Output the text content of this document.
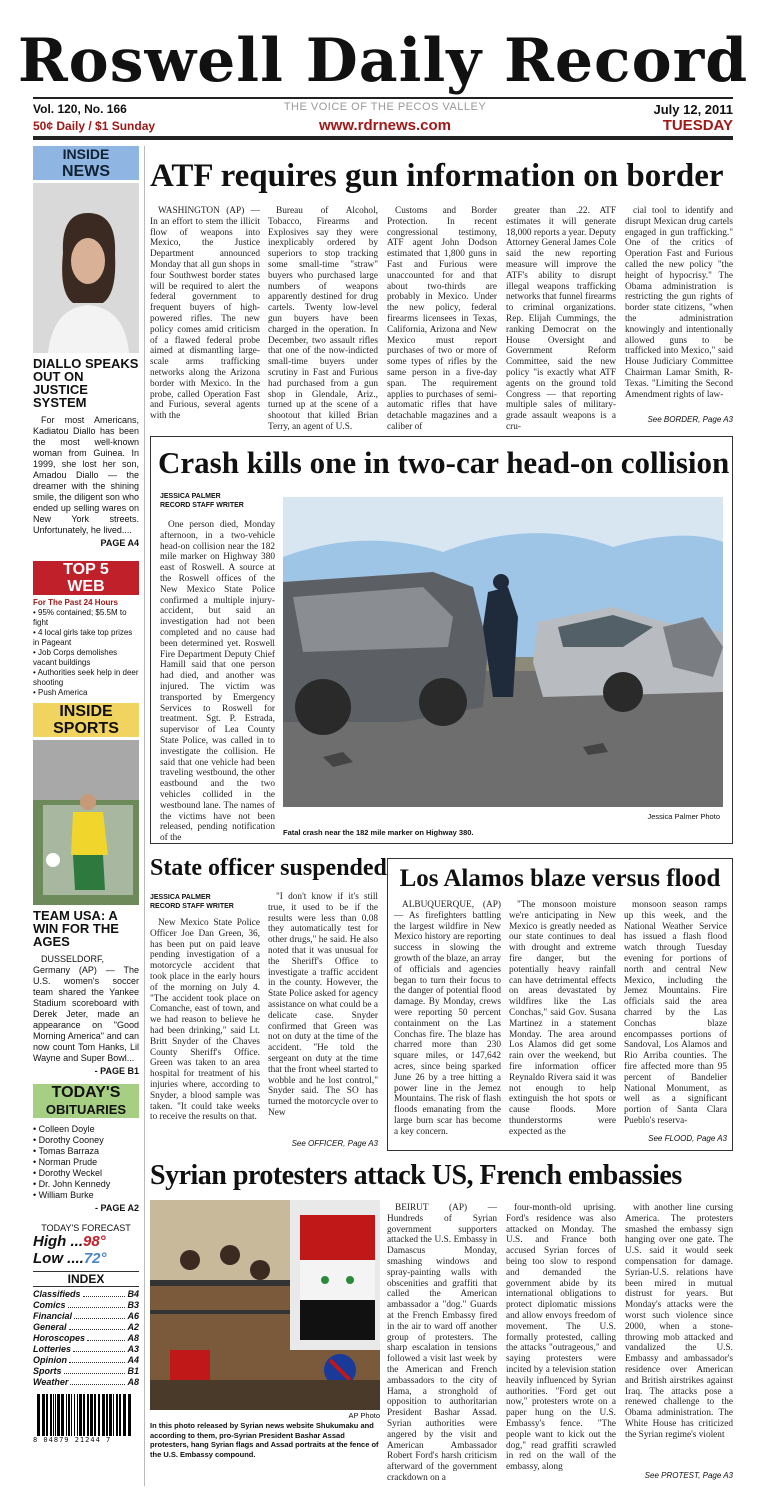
Roswell Daily Record
Vol. 120, No. 166
50¢ Daily / $1 Sunday
THE VOICE OF THE PECOS VALLEY
www.rdrnews.com
July 12, 2011
TUESDAY
INSIDE
NEWS
DIALLO SPEAKS OUT ON JUSTICE SYSTEM
For most Americans, Kadiatou Diallo has been the most well-known woman from Guinea. In 1999, she lost her son, Amadou Diallo — the dreamer with the shining smile, the diligent son who ended up selling wares on New York streets. Unfortunately, he lived....
PAGE A4
TOP 5
WEB
For The Past 24 Hours
• 95% contained; $5.5M to fight
• 4 local girls take top prizes in Pageant
• Job Corps demolishes vacant buildings
• Authorities seek help in deer shooting
• Push America
INSIDE
SPORTS
TEAM USA: A WIN FOR THE AGES
DUSSELDORF, Germany (AP) — The U.S. women's soccer team shared the Yankee Stadium scoreboard with Derek Jeter, made an appearance on "Good Morning America" and can now count Tom Hanks, Lil Wayne and Super Bowl...
- PAGE B1
TODAY'S
OBITUARIES
• Colleen Doyle
• Dorothy Cooney
• Tomas Barraza
• Norman Prude
• Dorothy Weckel
• Dr. John Kennedy
• William Burke
- PAGE A2
TODAY'S FORECAST
High ...98°
Low ....72°
INDEX
Classifieds	B4
Comics	B3
Financial	A6
General	A2
Horoscopes	A8
Lotteries	A3
Opinion	A4
Sports	B1
Weather	A8
8 04879 21244 7
ATF requires gun information on border

WASHINGTON (AP) — In an effort to stem the illicit flow of weapons into Mexico, the Justice Department announced Monday that all gun shops in four Southwest border states will be required to alert the federal government to frequent buyers of high-powered rifles. The new policy comes amid criticism of a flawed federal probe aimed at dismantling large-scale arms trafficking networks along the Arizona border with Mexico. In the probe, called Operation Fast and Furious, several agents with the

Bureau of Alcohol, Tobacco, Firearms and Explosives say they were inexplicably ordered by superiors to stop tracking some small-time "straw" buyers who purchased large numbers of weapons apparently destined for drug cartels. Twenty low-level gun buyers have been charged in the operation. In December, two assault rifles that one of the now-indicted small-time buyers under scrutiny in Fast and Furious had purchased from a gun shop in Glendale, Ariz., turned up at the scene of a shootout that killed Brian Terry, an agent of U.S.

Customs and Border Protection. In recent congressional testimony, ATF agent John Dodson estimated that 1,800 guns in Fast and Furious were unaccounted for and that about two-thirds are probably in Mexico. Under the new policy, federal firearms licensees in Texas, California, Arizona and New Mexico must report purchases of two or more of some types of rifles by the same person in a five-day span. The requirement applies to purchases of semi-automatic rifles that have detachable magazines and a caliber of

greater than .22. ATF estimates it will generate 18,000 reports a year. Deputy Attorney General James Cole said the new reporting measure will improve the ATF's ability to disrupt illegal weapons trafficking networks that funnel firearms to criminal organizations. Rep. Elijah Cummings, the ranking Democrat on the House Oversight and Government Reform Committee, said the new policy "is exactly what ATF agents on the ground told Congress — that reporting multiple sales of military-grade assault weapons is a cru-

cial tool to identify and disrupt Mexican drug cartels engaged in gun trafficking." One of the critics of Operation Fast and Furious called the new policy "the height of hypocrisy." The Obama administration is restricting the gun rights of border state citizens, "when the administration knowingly and intentionally allowed guns to be trafficked into Mexico," said House Judiciary Committee Chairman Lamar Smith, R-Texas. "Limiting the Second Amendment rights of law-

See BORDER, Page A3
Crash kills one in two-car head-on collision
JESSICA PALMER
RECORD STAFF WRITER

One person died, Monday afternoon, in a two-vehicle head-on collision near the 182 mile marker on Highway 380 east of Roswell. A source at the Roswell offices of the New Mexico State Police confirmed a multiple injury-accident, but said an investigation had not been completed and no cause had been determined yet. Roswell Fire Department Deputy Chief Hamill said that one person had died, and another was injured. The victim was transported by Emergency Services to Roswell for treatment. Sgt. P. Estrada, supervisor of Lea County State Police, was called in to investigate the collision. He said that one vehicle had been traveling westbound, the other eastbound and the two vehicles collided in the westbound lane. The names of the victims have not been released, pending notification of the

Jessica Palmer Photo
Fatal crash near the 182 mile marker on Highway 380.
State officer suspended
JESSICA PALMER
RECORD STAFF WRITER

New Mexico State Police Officer Joe Dan Green, 36, has been put on paid leave pending investigation of a motorcycle accident that took place in the early hours of the morning on July 4. "The accident took place on Comanche, east of town, and we had reason to believe he had been drinking," said Lt. Britt Snyder of the Chaves County Sheriff's Office. Green was taken to an area hospital for treatment of his injuries where, according to Snyder, a blood sample was taken. "It could take weeks to receive the results on that.

"I don't know if it's still true, it used to be if the results were less than 0.08 they automatically test for other drugs," he said. He also noted that it was unusual for the Sheriff's Office to investigate a traffic accident in the county. However, the State Police asked for agency assistance on what could be a delicate case. Snyder confirmed that Green was not on duty at the time of the accident. "He told the sergeant on duty at the time that the front wheel started to wobble and he lost control," Snyder said. The SO has turned the motorcycle over to New

See OFFICER, Page A3
Los Alamos blaze versus flood

ALBUQUERQUE, (AP) — As firefighters battling the largest wildfire in New Mexico history are reporting success in slowing the growth of the blaze, an array of officials and agencies began to turn their focus to the danger of potential flood damage. By Monday, crews were reporting 50 percent containment on the Las Conchas fire. The blaze has charred more than 230 square miles, or 147,642 acres, since being sparked June 26 by a tree hitting a power line in the Jemez Mountains. The risk of flash floods emanating from the large burn scar has become a key concern.

"The monsoon moisture we're anticipating in New Mexico is greatly needed as our state continues to deal with drought and extreme fire danger, but the potentially heavy rainfall can have detrimental effects on areas devastated by wildfires like the Las Conchas," said Gov. Susana Martinez in a statement Monday. The area around Los Alamos did get some rain over the weekend, but fire information officer Reynaldo Rivera said it was not enough to help extinguish the hot spots or cause floods. More thunderstorms were expected as the

monsoon season ramps up this week, and the National Weather Service has issued a flash flood watch through Tuesday evening for portions of north and central New Mexico, including the Jemez Mountains. Fire officials said the area charred by the Las Conchas blaze encompasses portions of Sandoval, Los Alamos and Rio Arriba counties. The fire affected more than 95 percent of Bandelier National Monument, as well as a significant portion of Santa Clara Pueblo's reserva-

See FLOOD, Page A3
Syrian protesters attack US, French embassies
AP Photo
In this photo released by Syrian news website Shukumaku and according to them, pro-Syrian President Bashar Assad protesters, hang Syrian flags and Assad portraits at the fence of the U.S. Embassy compound.

BEIRUT (AP) — Hundreds of Syrian government supporters attacked the U.S. Embassy in Damascus Monday, smashing windows and spray-painting walls with obscenities and graffiti that called the American ambassador a "dog." Guards at the French Embassy fired in the air to ward off another group of protesters. The sharp escalation in tensions followed a visit last week by the American and French ambassadors to the city of Hama, a stronghold of opposition to authoritarian President Bashar Assad. Syrian authorities were angered by the visit and American Ambassador Robert Ford's harsh criticism afterward of the government crackdown on a

four-month-old uprising. Ford's residence was also attacked on Monday. The U.S. and France both accused Syrian forces of being too slow to respond and demanded the government abide by its international obligations to protect diplomatic missions and allow envoys freedom of movement. The U.S. formally protested, calling the attacks "outrageous," and saying protesters were incited by a television station heavily influenced by Syrian authorities. "Ford get out now," protesters wrote on a paper hung on the U.S. Embassy's fence. "The people want to kick out the dog," read graffiti scrawled in red on the wall of the embassy, along

with another line cursing America. The protesters smashed the embassy sign hanging over one gate. The U.S. said it would seek compensation for damage. Syrian-U.S. relations have been mired in mutual distrust for years. But Monday's attacks were the worst such violence since 2000, when a stone-throwing mob attacked and vandalized the U.S. Embassy and ambassador's residence over American and British airstrikes against Iraq. The attacks pose a renewed challenge to the Obama administration. The White House has criticized the Syrian regime's violent

See PROTEST, Page A3
